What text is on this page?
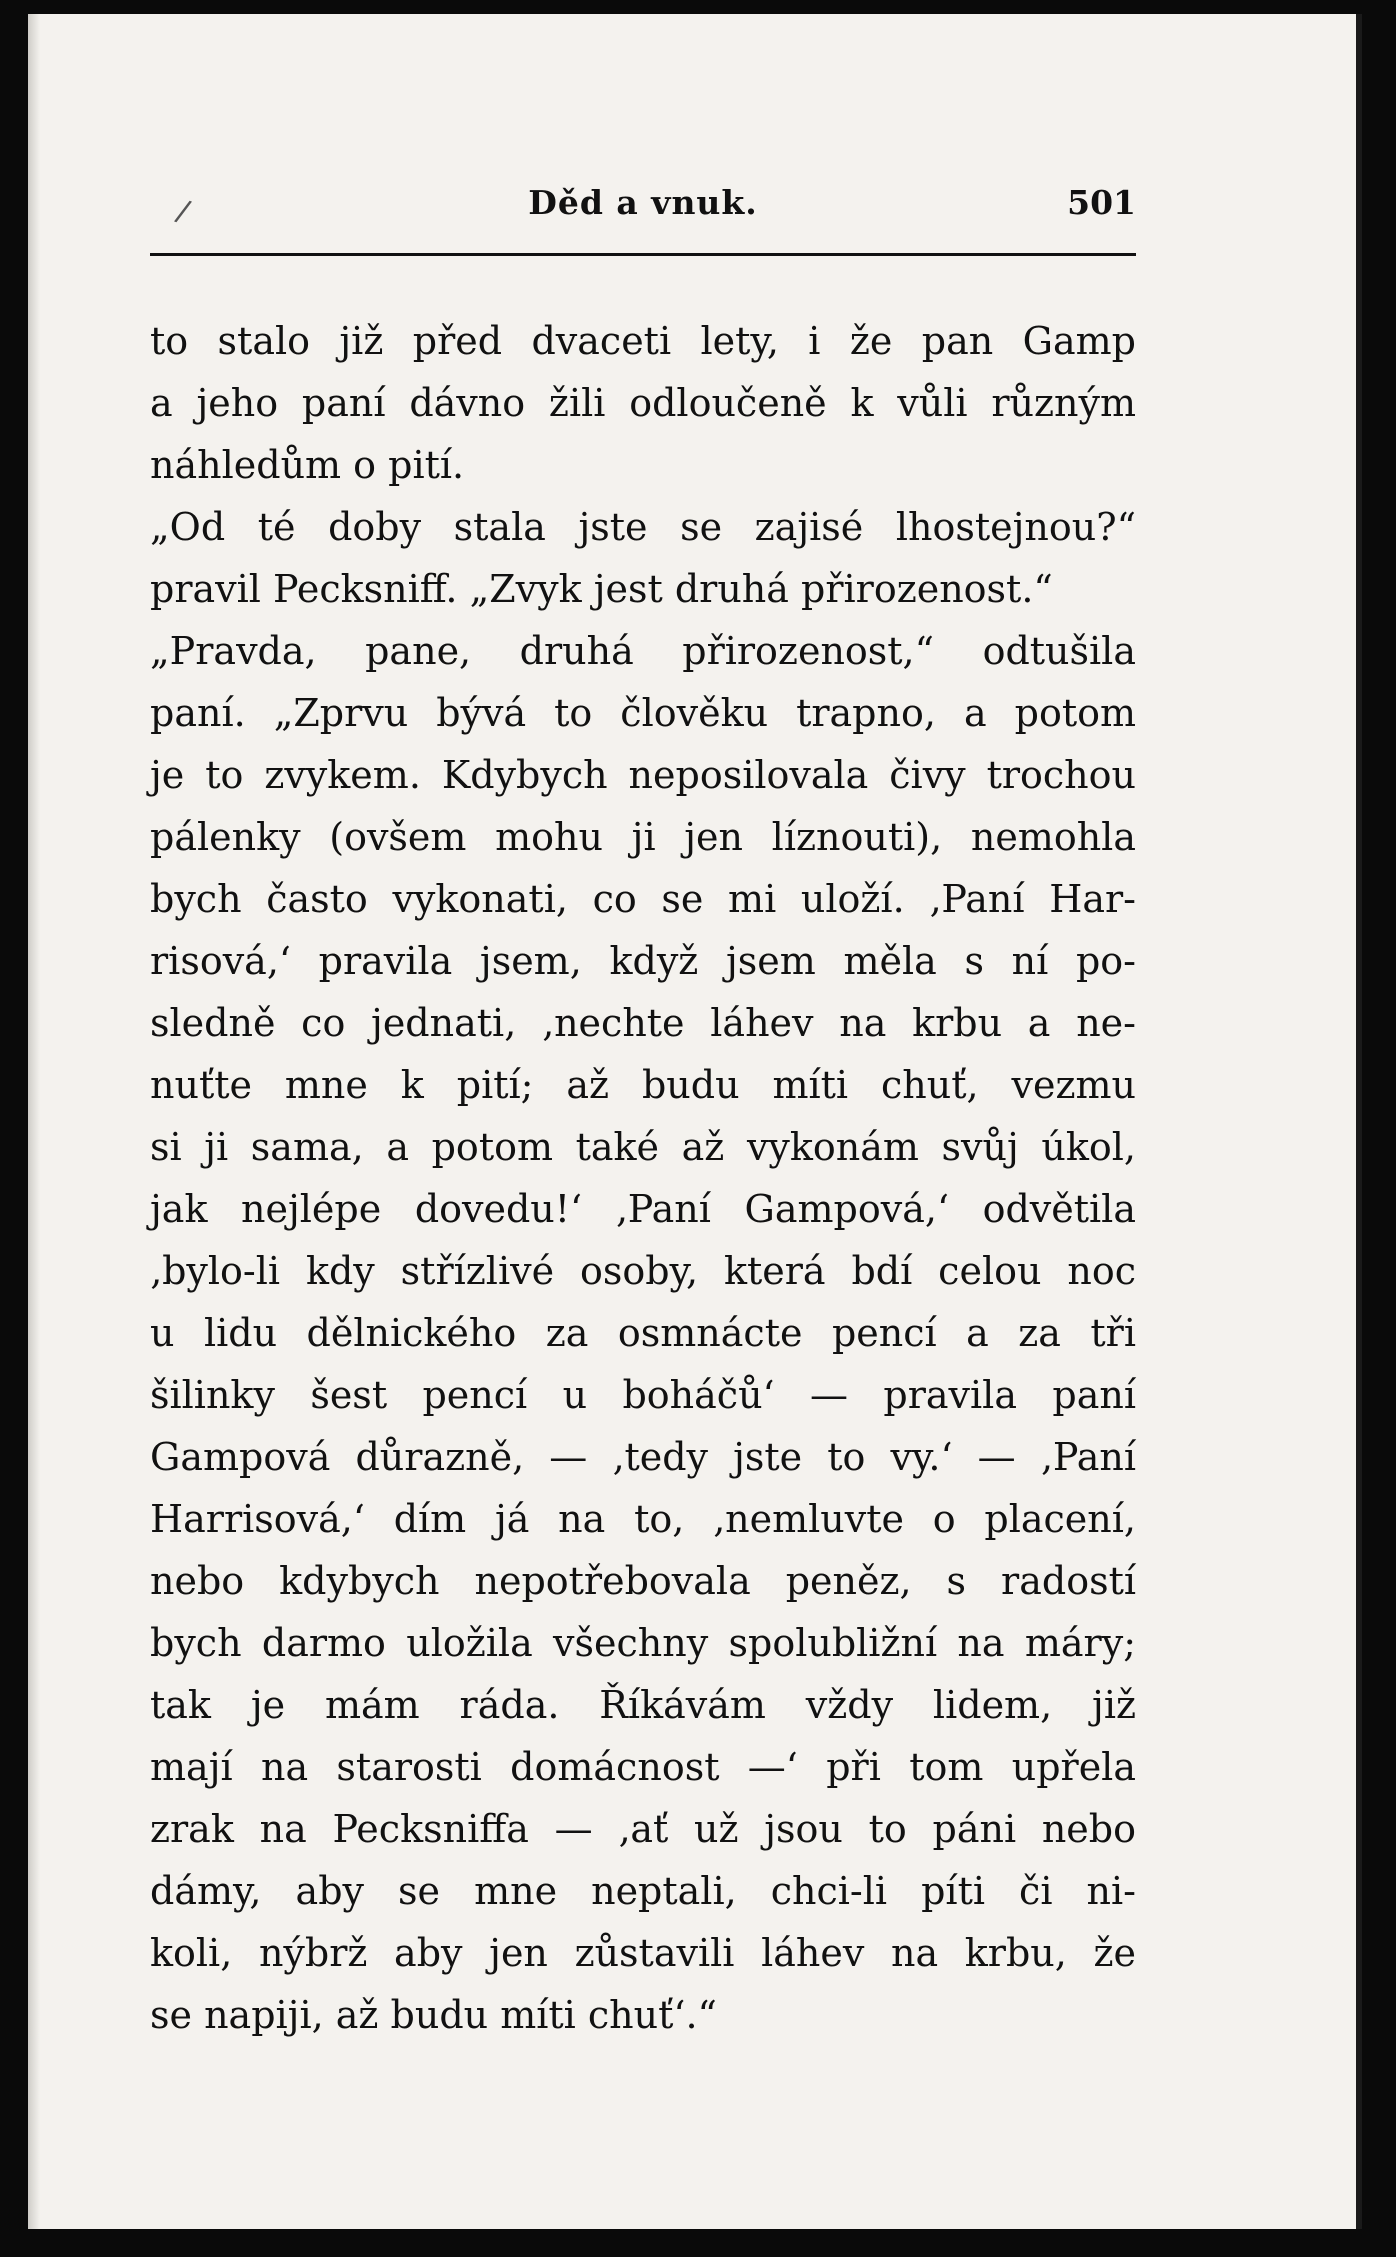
/	Děd a vnuk.	501
to stalo již před dvaceti lety, i že pan Gamp
a jeho paní dávno žili odloučeně k vůli různým
náhledům o pití.
„Od té doby stala jste se zajisé lhostejnou?“
pravil Pecksniff. „Zvyk jest druhá přirozenost.“
„Pravda, pane, druhá přirozenost,“ odtušila
paní. „Zprvu bývá to člověku trapno, a potom
je to zvykem. Kdybych neposilovala čivy trochou
pálenky (ovšem mohu ji jen líznouti), nemohla
bych často vykonati, co se mi uloží. ‚Paní Har-
risová,‘ pravila jsem, když jsem měla s ní po-
sledně co jednati, ‚nechte láhev na krbu a ne-
nuťte mne k pití; až budu míti chuť, vezmu
si ji sama, a potom také až vykonám svůj úkol,
jak nejlépe dovedu!‘ ‚Paní Gampová,‘ odvětila
‚bylo-li kdy střízlivé osoby, která bdí celou noc
u lidu dělnického za osmnácte pencí a za tři
šilinky šest pencí u boháčů‘ — pravila paní
Gampová důrazně, — ‚tedy jste to vy.‘ — ‚Paní
Harrisová,‘ dím já na to, ‚nemluvte o placení,
nebo kdybych nepotřebovala peněz, s radostí
bych darmo uložila všechny spolubližní na máry;
tak je mám ráda. Říkávám vždy lidem, již
mají na starosti domácnost —‘ při tom upřela
zrak na Pecksniffa — ‚ať už jsou to páni nebo
dámy, aby se mne neptali, chci-li píti či ni-
koli, nýbrž aby jen zůstavili láhev na krbu, že
se napiji, až budu míti chuť‘.“
